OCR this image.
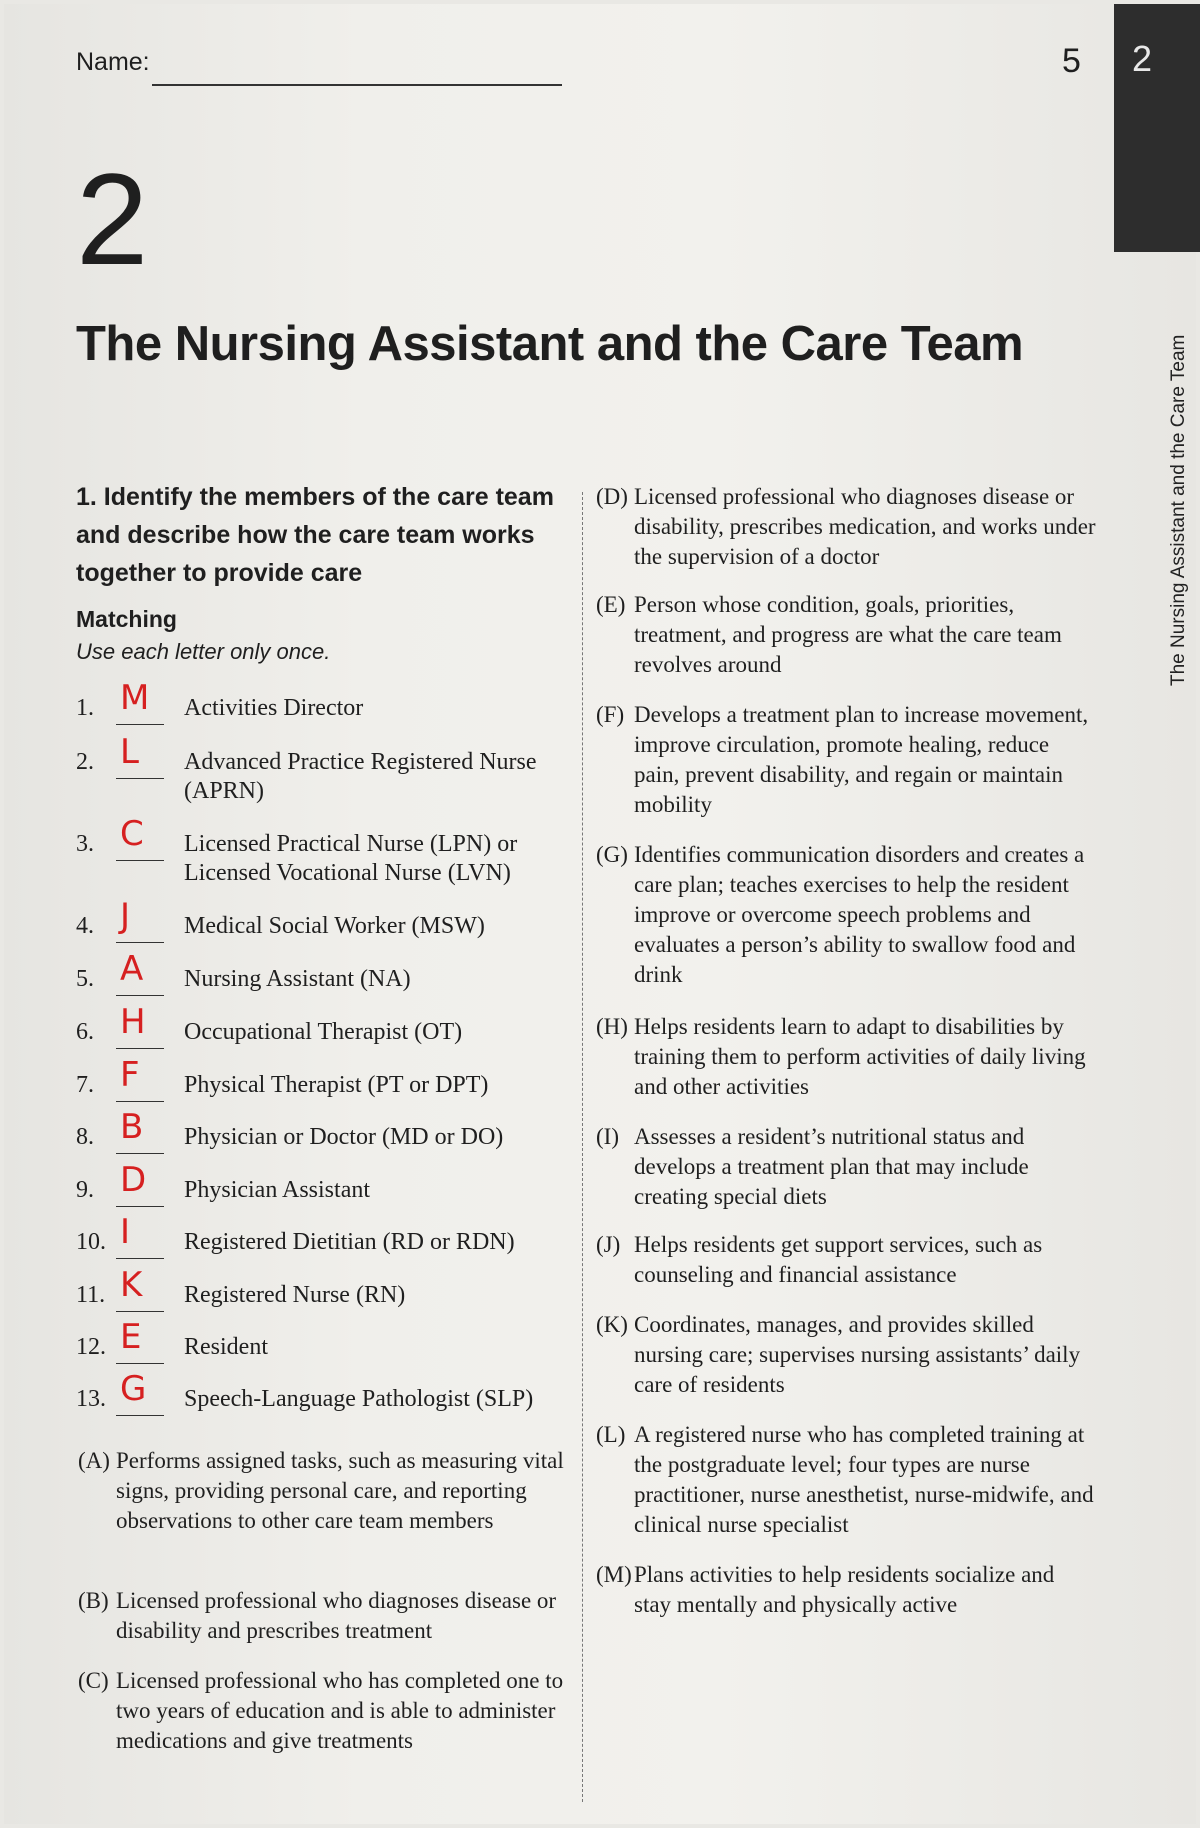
Name:	5 2
The Nursing Assistant and the Care Team
2
The Nursing Assistant and the Care Team
1. Identify the members of the care team and describe how the care team works together to provide care
Matching
Use each letter only once.
1. M Activities Director
2. L Advanced Practice Registered Nurse (APRN)
3. C Licensed Practical Nurse (LPN) or Licensed Vocational Nurse (LVN)
4. J Medical Social Worker (MSW)
5. A Nursing Assistant (NA)
6. H Occupational Therapist (OT)
7. F Physical Therapist (PT or DPT)
8. B Physician or Doctor (MD or DO)
9. D Physician Assistant
10. I Registered Dietitian (RD or RDN)
11. K Registered Nurse (RN)
12. E Resident
13. G Speech-Language Pathologist (SLP)
(A) Performs assigned tasks, such as measuring vital signs, providing personal care, and reporting observations to other care team members
(B) Licensed professional who diagnoses disease or disability and prescribes treatment
(C) Licensed professional who has completed one to two years of education and is able to administer medications and give treatments
(D) Licensed professional who diagnoses disease or disability, prescribes medication, and works under the supervision of a doctor
(E) Person whose condition, goals, priorities, treatment, and progress are what the care team revolves around
(F) Develops a treatment plan to increase movement, improve circulation, promote healing, reduce pain, prevent disability, and regain or maintain mobility
(G) Identifies communication disorders and creates a care plan; teaches exercises to help the resident improve or overcome speech problems and evaluates a person’s ability to swallow food and drink
(H) Helps residents learn to adapt to disabilities by training them to perform activities of daily living and other activities
(I) Assesses a resident’s nutritional status and develops a treatment plan that may include creating special diets
(J) Helps residents get support services, such as counseling and financial assistance
(K) Coordinates, manages, and provides skilled nursing care; supervises nursing assistants’ daily care of residents
(L) A registered nurse who has completed training at the postgraduate level; four types are nurse practitioner, nurse anesthetist, nurse-midwife, and clinical nurse specialist
(M) Plans activities to help residents socialize and stay mentally and physically active
